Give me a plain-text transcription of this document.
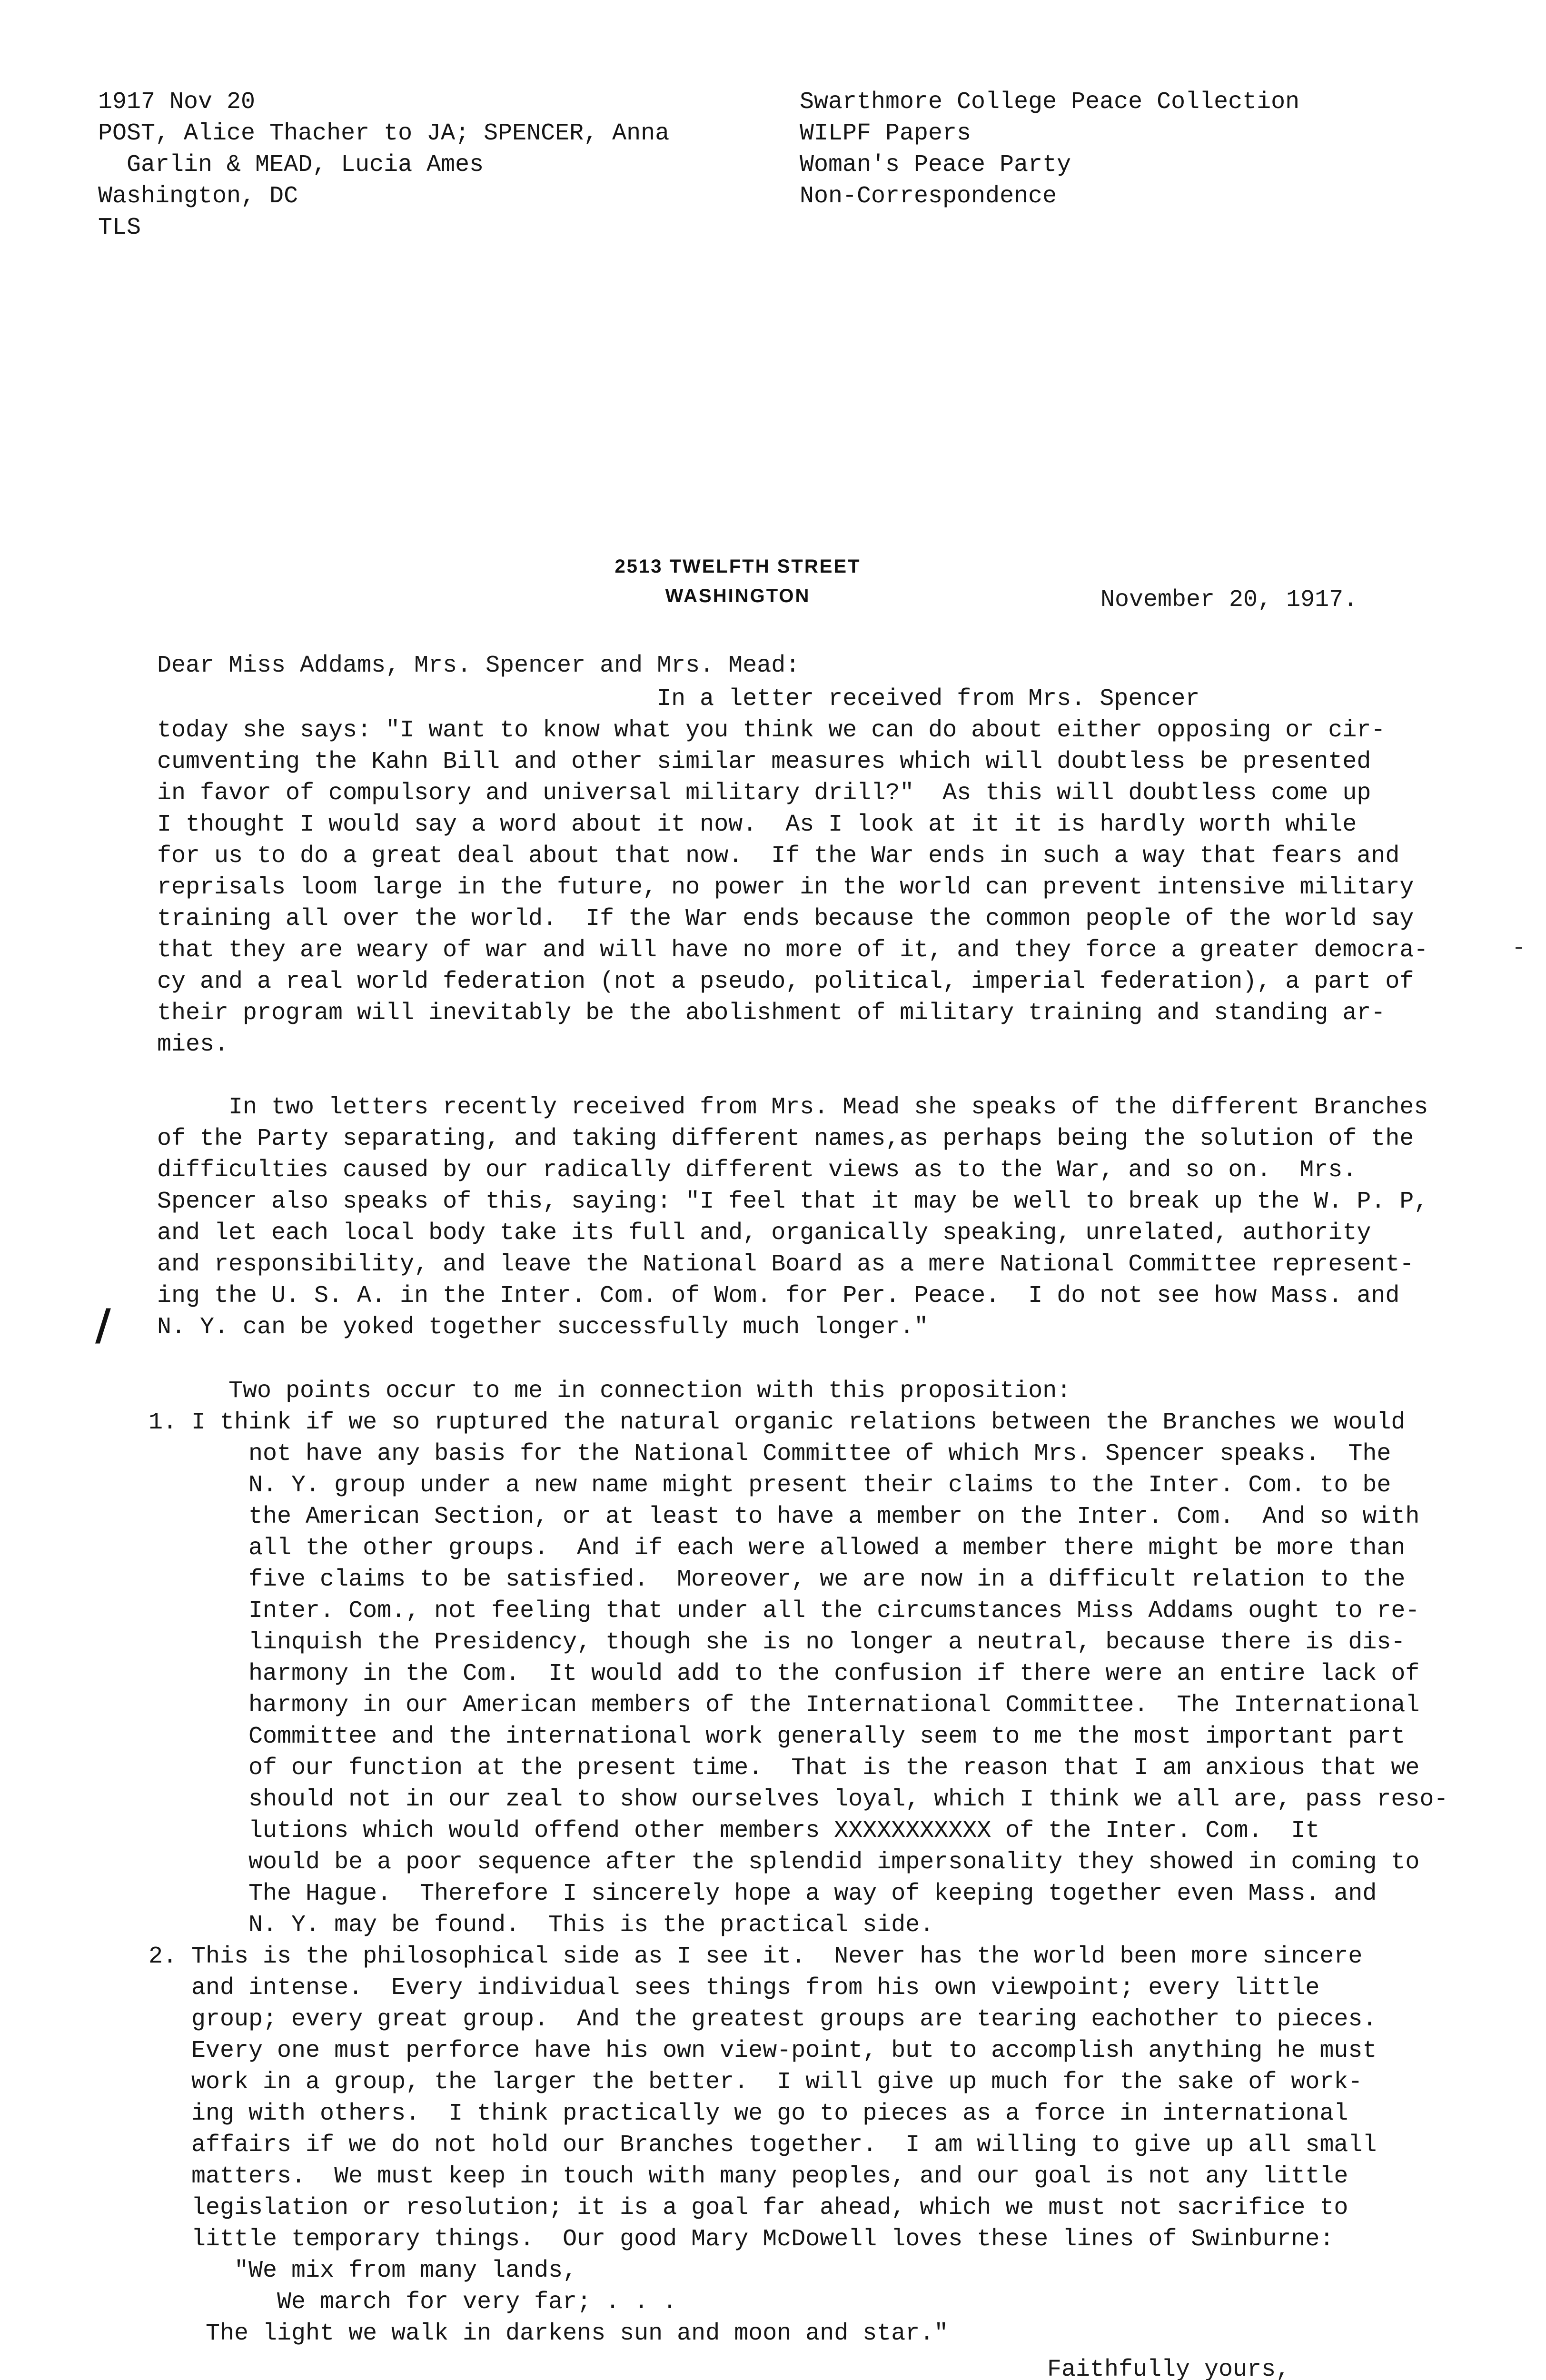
1917 Nov 20
POST, Alice Thacher to JA; SPENCER, Anna
Garlin & MEAD, Lucia Ames
Washington, DC
TLS
Swarthmore College Peace Collection
WILPF Papers
Woman's Peace Party
Non-Correspondence
2513 TWELFTH STREET
WASHINGTON	November 20, 1917.
Dear Miss Addams, Mrs. Spencer and Mrs. Mead:
In a letter received from Mrs. Spencer
today she says: "I want to know what you think we can do about either opposing or cir-
cumventing the Kahn Bill and other similar measures which will doubtless be presented
in favor of compulsory and universal military drill?"  As this will doubtless come up
I thought I would say a word about it now.  As I look at it it is hardly worth while
for us to do a great deal about that now.  If the War ends in such a way that fears and
reprisals loom large in the future, no power in the world can prevent intensive military
training all over the world.  If the War ends because the common people of the world say
that they are weary of war and will have no more of it, and they force a greater democra-
cy and a real world federation (not a pseudo, political, imperial federation), a part of
their program will inevitably be the abolishment of military training and standing ar-
mies.
In two letters recently received from Mrs. Mead she speaks of the different Branches
of the Party separating, and taking different names,as perhaps being the solution of the
difficulties caused by our radically different views as to the War, and so on.  Mrs.
Spencer also speaks of this, saying: "I feel that it may be well to break up the W. P. P,
and let each local body take its full and, organically speaking, unrelated, authority
and responsibility, and leave the National Board as a mere National Committee represent-
ing the U. S. A. in the Inter. Com. of Wom. for Per. Peace.  I do not see how Mass. and
N. Y. can be yoked together successfully much longer."
/
-
Two points occur to me in connection with this proposition:
1. I think if we so ruptured the natural organic relations between the Branches we would
not have any basis for the National Committee of which Mrs. Spencer speaks.  The
N. Y. group under a new name might present their claims to the Inter. Com. to be
the American Section, or at least to have a member on the Inter. Com.  And so with
all the other groups.  And if each were allowed a member there might be more than
five claims to be satisfied.  Moreover, we are now in a difficult relation to the
Inter. Com., not feeling that under all the circumstances Miss Addams ought to re-
linquish the Presidency, though she is no longer a neutral, because there is dis-
harmony in the Com.  It would add to the confusion if there were an entire lack of
harmony in our American members of the International Committee.  The International
Committee and the international work generally seem to me the most important part
of our function at the present time.  That is the reason that I am anxious that we
should not in our zeal to show ourselves loyal, which I think we all are, pass reso-
lutions which would offend other members XXXXXXXXXXX of the Inter. Com.  It
would be a poor sequence after the splendid impersonality they showed in coming to
The Hague.  Therefore I sincerely hope a way of keeping together even Mass. and
N. Y. may be found.  This is the practical side.
2. This is the philosophical side as I see it.  Never has the world been more sincere
and intense.  Every individual sees things from his own viewpoint; every little
group; every great group.  And the greatest groups are tearing eachother to pieces.
Every one must perforce have his own view-point, but to accomplish anything he must
work in a group, the larger the better.  I will give up much for the sake of work-
ing with others.  I think practically we go to pieces as a force in international
affairs if we do not hold our Branches together.  I am willing to give up all small
matters.  We must keep in touch with many peoples, and our goal is not any little
legislation or resolution; it is a goal far ahead, which we must not sacrifice to
little temporary things.  Our good Mary McDowell loves these lines of Swinburne:
"We mix from many lands,
We march for very far; . . .
The light we walk in darkens sun and moon and star."
Faithfully yours,
